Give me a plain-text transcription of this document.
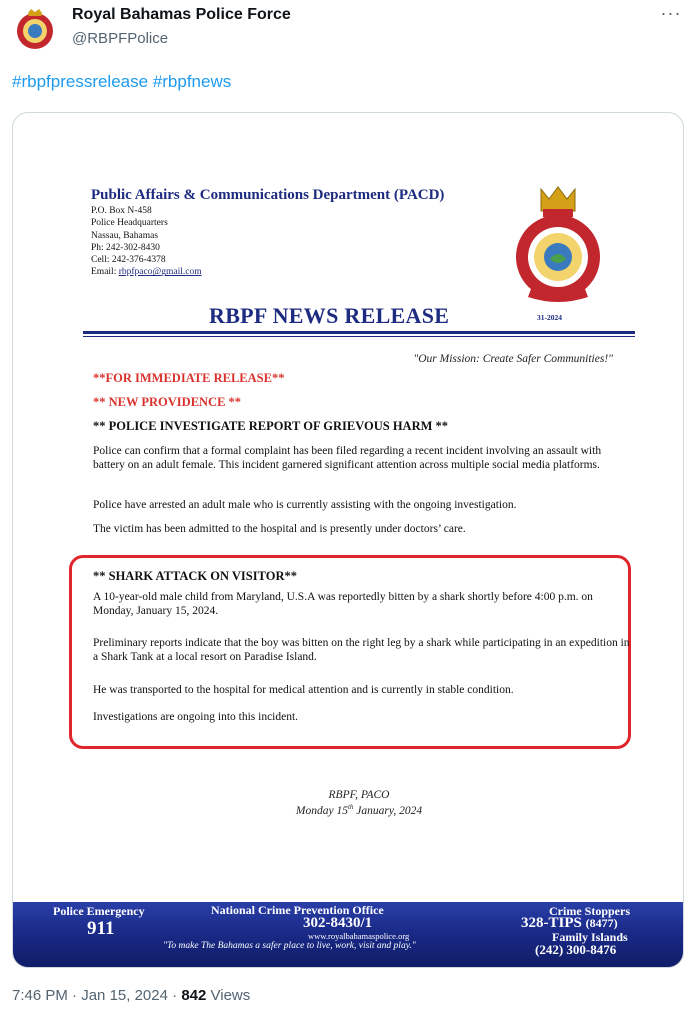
Royal Bahamas Police Force
@RBPFPolice
···
#rbpfpressrelease #rbpfnews
Public Affairs & Communications Department (PACD)
P.O. Box N-458
Police Headquarters
Nassau, Bahamas
Ph: 242-302-8430
Cell: 242-376-4378
Email: rbpfpaco@gmail.com
RBPF NEWS RELEASE	31-2024
"Our Mission: Create Safer Communities!"
**FOR IMMEDIATE RELEASE**
** NEW PROVIDENCE **
** POLICE INVESTIGATE REPORT OF GRIEVOUS HARM **
Police can confirm that a formal complaint has been filed regarding a recent incident involving an assault with battery on an adult female. This incident garnered significant attention across multiple social media platforms.
Police have arrested an adult male who is currently assisting with the ongoing investigation.
The victim has been admitted to the hospital and is presently under doctors’ care.
** SHARK ATTACK ON VISITOR**
A 10-year-old male child from Maryland, U.S.A was reportedly bitten by a shark shortly before 4:00 p.m. on Monday, January 15, 2024.
Preliminary reports indicate that the boy was bitten on the right leg by a shark while participating in an expedition in a Shark Tank at a local resort on Paradise Island.
He was transported to the hospital for medical attention and is currently in stable condition.
Investigations are ongoing into this incident.
RBPF, PACO
Monday 15th January, 2024
Police Emergency
911
National Crime Prevention Office
302-8430/1
www.royalbahamaspolice.org
"To make The Bahamas a safer place to live, work, visit and play."
Crime Stoppers
328-TIPS (8477)
Family Islands
(242) 300-8476
7:46 PM · Jan 15, 2024 · 842 Views
